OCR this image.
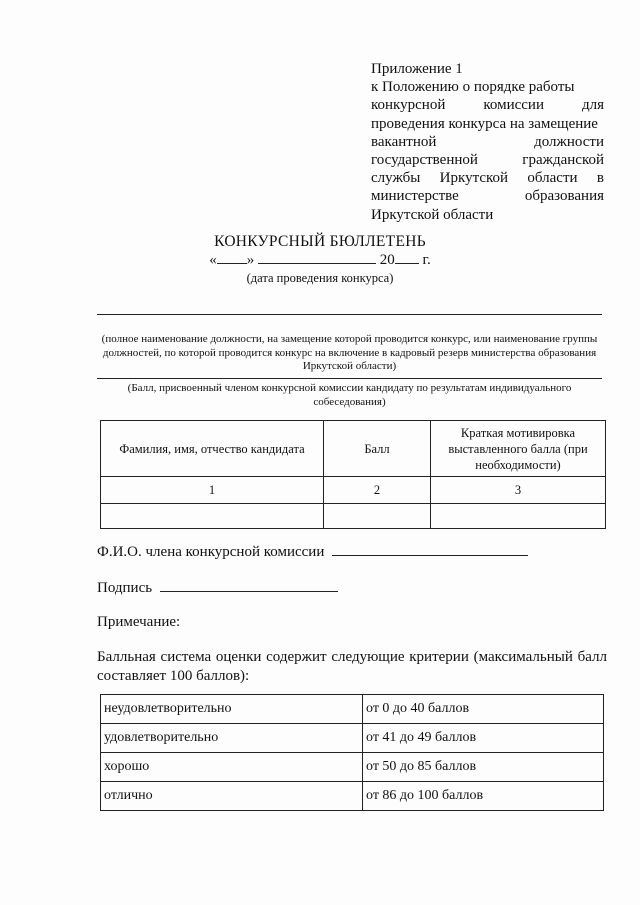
Приложение 1
к Положению о порядке работы
конкурсной комиссии для
проведения конкурса на замещение
вакантной должности
государственной гражданской
службы Иркутской области в
министерстве образования
Иркутской области
КОНКУРСНЫЙ БЮЛЛЕТЕНЬ
« »	20 г.
(дата проведения конкурса)
(полное наименование должности, на замещение которой проводится конкурс, или наименование группы должностей, по которой проводится конкурс на включение в кадровый резерв министерства образования Иркутской области)
(Балл, присвоенный членом конкурсной комиссии кандидату по результатам индивидуального собеседования)
Фамилия, имя, отчество кандидата	Балл	Краткая мотивировка выставленного балла (при необходимости)
1	2	3

Ф.И.О. члена конкурсной комиссии
Подпись
Примечание:
Балльная система оценки содержит следующие критерии (максимальный балл составляет 100 баллов):
неудовлетворительно	от 0 до 40 баллов
удовлетворительно	от 41 до 49 баллов
хорошо	от 50 до 85 баллов
отлично	от 86 до 100 баллов
